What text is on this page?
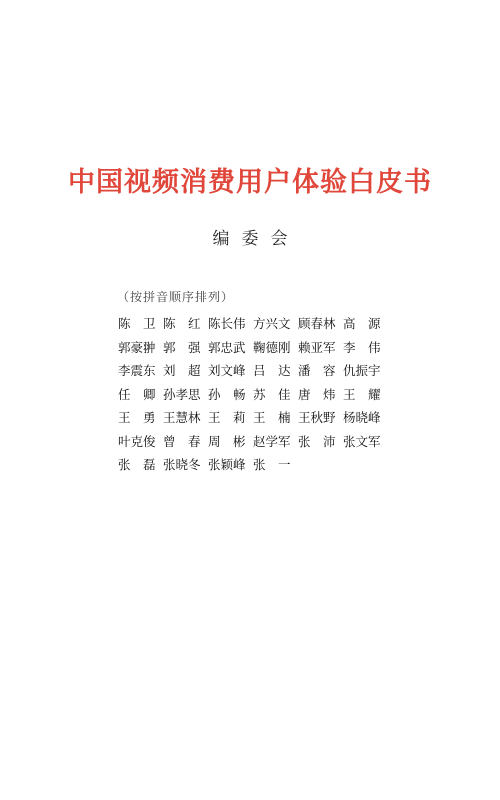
中国视频消费用户体验白皮书
编委会
（按拼音顺序排列）
陈　卫 陈　红 陈长伟 方兴文 顾春林 高　源
郭豪翀 郭　强 郭忠武 鞠德刚 赖亚军 李　伟
李震东 刘　超 刘文峰 吕　达 潘　容 仇振宇
任　卿 孙孝思 孙　畅 苏　佳 唐　炜 王　耀
王　勇 王慧林 王　莉 王　楠 王秋野 杨晓峰
叶克俊 曾　春 周　彬 赵学军 张　沛 张文军
张　磊 张晓冬 张颖峰 张　一
